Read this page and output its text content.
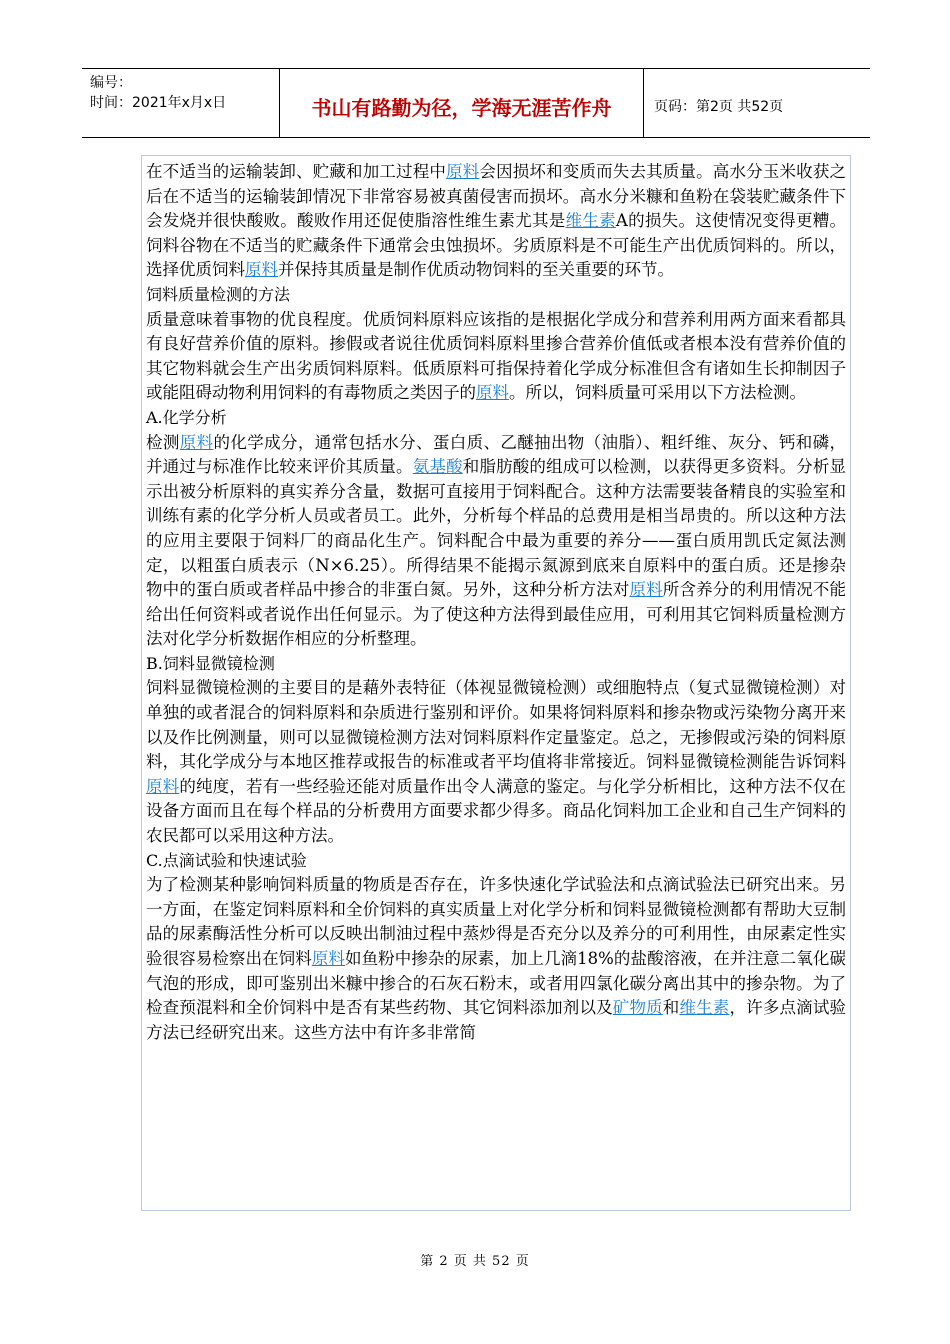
编号：
时间：2021年x月x日	书山有路勤为径，学海无涯苦作舟	页码：第2页 共52页

在不适当的运输装卸、贮藏和加工过程中原料会因损坏和变质而失去其质量。高水分玉米收获之后在不适当的运输装卸情况下非常容易被真菌侵害而损坏。高水分米糠和鱼粉在袋装贮藏条件下会发烧并很快酸败。酸败作用还促使脂溶性维生素尤其是维生素A的损失。这使情况变得更糟。饲料谷物在不适当的贮藏条件下通常会虫蚀损坏。劣质原料是不可能生产出优质饲料的。所以，选择优质饲料原料并保持其质量是制作优质动物饲料的至关重要的环节。

饲料质量检测的方法

质量意味着事物的优良程度。优质饲料原料应该指的是根据化学成分和营养利用两方面来看都具有良好营养价值的原料。掺假或者说往优质饲料原料里掺合营养价值低或者根本没有营养价值的其它物料就会生产出劣质饲料原料。低质原料可指保持着化学成分标准但含有诸如生长抑制因子或能阻碍动物利用饲料的有毒物质之类因子的原料。所以，饲料质量可采用以下方法检测。

A.化学分析

检测原料的化学成分，通常包括水分、蛋白质、乙醚抽出物（油脂）、粗纤维、灰分、钙和磷，并通过与标准作比较来评价其质量。氨基酸和脂肪酸的组成可以检测，以获得更多资料。分析显示出被分析原料的真实养分含量，数据可直接用于饲料配合。这种方法需要装备精良的实验室和训练有素的化学分析人员或者员工。此外，分析每个样品的总费用是相当昂贵的。所以这种方法的应用主要限于饲料厂的商品化生产。饲料配合中最为重要的养分——蛋白质用凯氏定氮法测定，以粗蛋白质表示（N×6.25）。所得结果不能揭示氮源到底来自原料中的蛋白质。还是掺杂物中的蛋白质或者样品中掺合的非蛋白氮。另外，这种分析方法对原料所含养分的利用情况不能给出任何资料或者说作出任何显示。为了使这种方法得到最佳应用，可利用其它饲料质量检测方法对化学分析数据作相应的分析整理。

B.饲料显微镜检测

饲料显微镜检测的主要目的是藉外表特征（体视显微镜检测）或细胞特点（复式显微镜检测）对单独的或者混合的饲料原料和杂质进行鉴别和评价。如果将饲料原料和掺杂物或污染物分离开来以及作比例测量，则可以显微镜检测方法对饲料原料作定量鉴定。总之，无掺假或污染的饲料原料，其化学成分与本地区推荐或报告的标准或者平均值将非常接近。饲料显微镜检测能告诉饲料原料的纯度，若有一些经验还能对质量作出令人满意的鉴定。与化学分析相比，这种方法不仅在设备方面而且在每个样品的分析费用方面要求都少得多。商品化饲料加工企业和自己生产饲料的农民都可以采用这种方法。

C.点滴试验和快速试验

为了检测某种影响饲料质量的物质是否存在，许多快速化学试验法和点滴试验法已研究出来。另一方面，在鉴定饲料原料和全价饲料的真实质量上对化学分析和饲料显微镜检测都有帮助大豆制品的尿素酶活性分析可以反映出制油过程中蒸炒得是否充分以及养分的可利用性，由尿素定性实验很容易检察出在饲料原料如鱼粉中掺杂的尿素，加上几滴18%的盐酸溶液，在并注意二氧化碳气泡的形成，即可鉴别出米糠中掺合的石灰石粉末，或者用四氯化碳分离出其中的掺杂物。为了检查预混料和全价饲料中是否有某些药物、其它饲料添加剂以及矿物质和维生素，许多点滴试验方法已经研究出来。这些方法中有许多非常简

第 2 页 共 52 页
